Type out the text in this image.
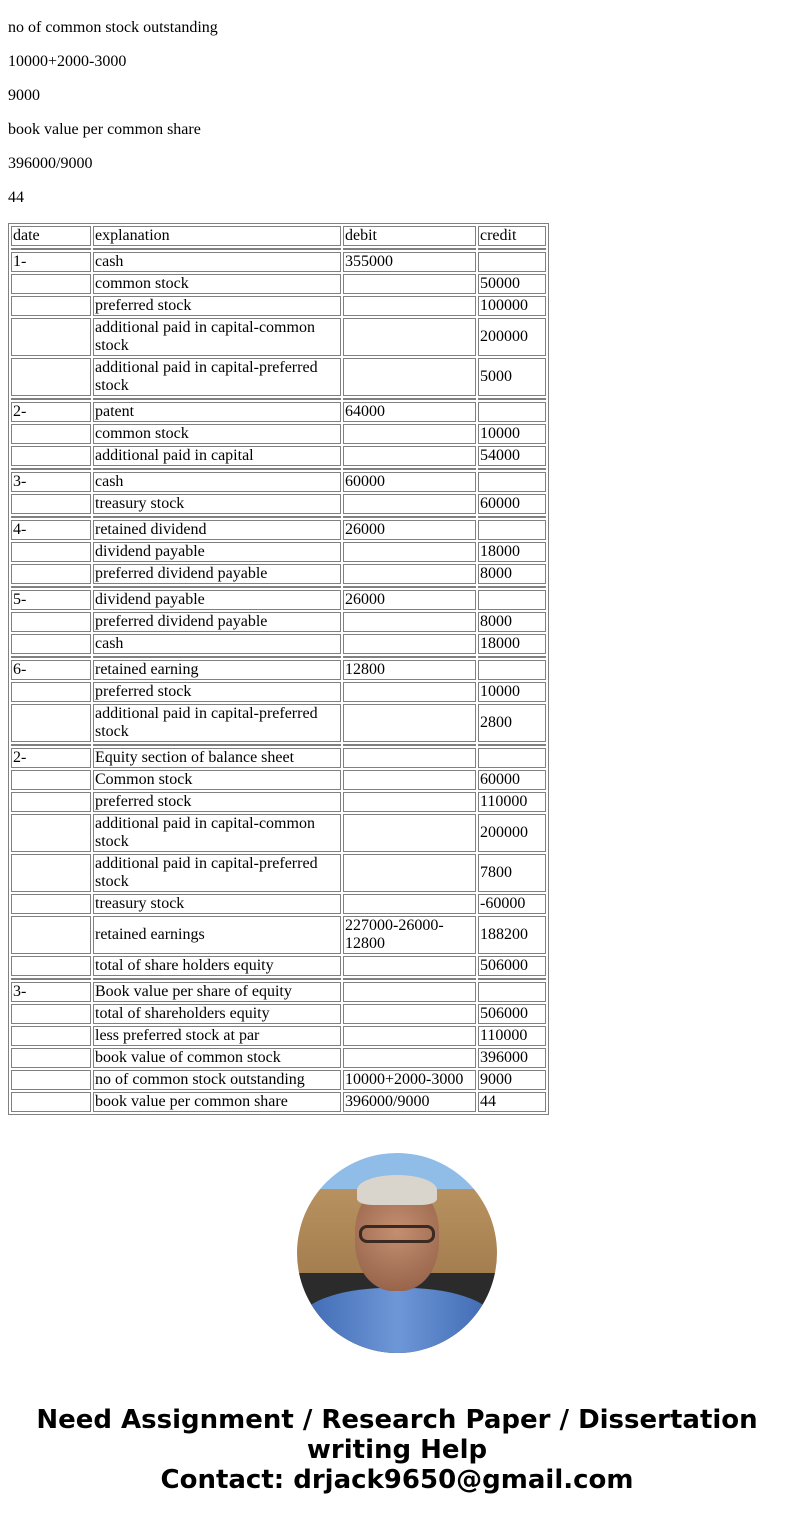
no of common stock outstanding

10000+2000-3000

9000

book value per common share

396000/9000

44

date	explanation	debit	credit

1-	cash	355000	
	common stock		50000
	preferred stock		100000
	additional paid in capital-common stock		200000
	additional paid in capital-preferred stock		5000

2-	patent	64000	
	common stock		10000
	additional paid in capital		54000

3-	cash	60000	
	treasury stock		60000

4-	retained dividend	26000	
	dividend payable		18000
	preferred dividend payable		8000

5-	dividend payable	26000	
	preferred dividend payable		8000
	cash		18000

6-	retained earning	12800	
	preferred stock		10000
	additional paid in capital-preferred stock		2800

2-	Equity section of balance sheet		
	Common stock		60000
	preferred stock		110000
	additional paid in capital-common stock		200000
	additional paid in capital-preferred stock		7800
	treasury stock		-60000
	retained earnings	227000-26000-12800	188200
	total of share holders equity		506000

3-	Book value per share of equity		
	total of shareholders equity		506000
	less preferred stock at par		110000
	book value of common stock		396000
	no of common stock outstanding	10000+2000-3000	9000
	book value per common share	396000/9000	44
Need Assignment / Research Paper / Dissertation writing Help
Contact: drjack9650@gmail.com
